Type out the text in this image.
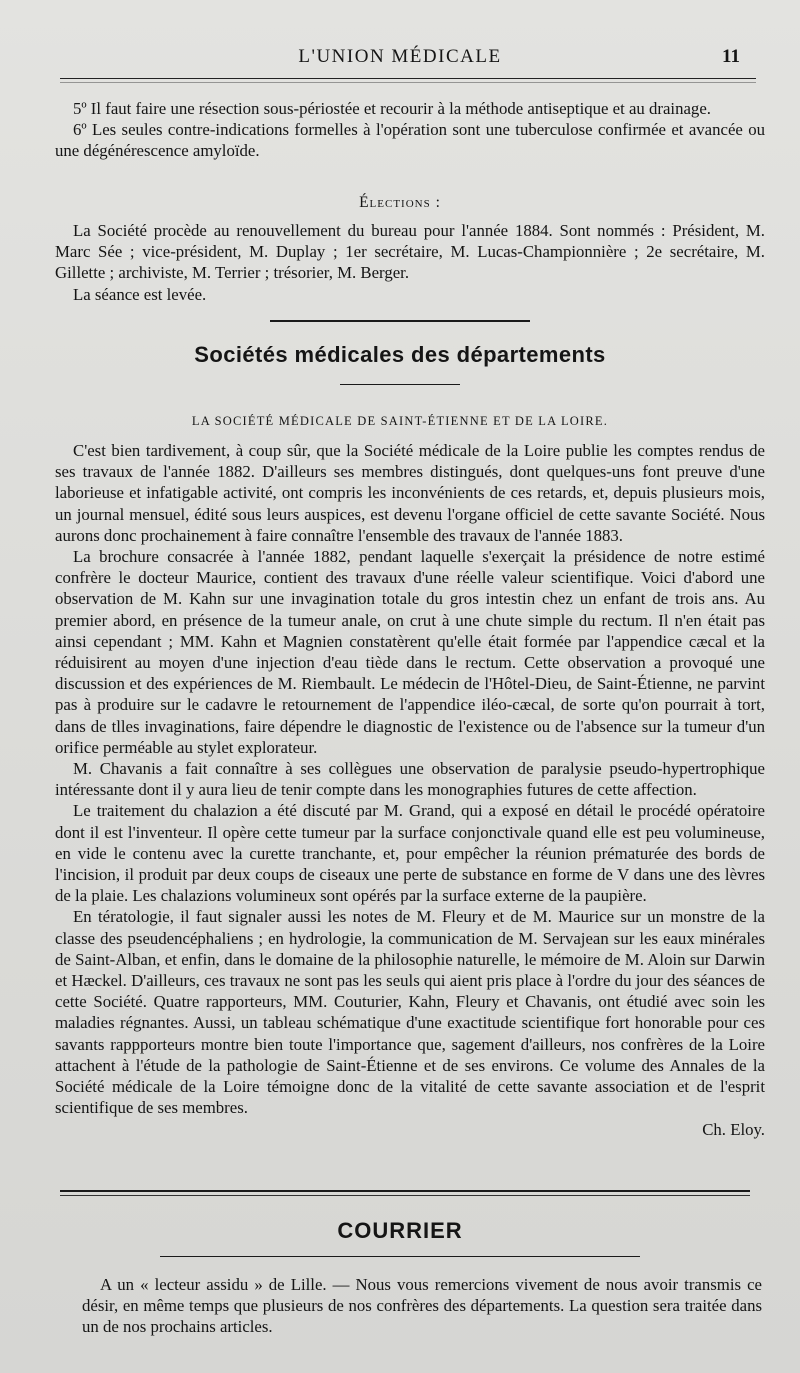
L'UNION MÉDICALE	11

5º Il faut faire une résection sous-périostée et recourir à la méthode antiseptique et au drainage.

6º Les seules contre-indications formelles à l'opération sont une tuberculose confirmée et avancée ou une dégénérescence amyloïde.

Élections :

La Société procède au renouvellement du bureau pour l'année 1884. Sont nommés : Président, M. Marc Sée ; vice-président, M. Duplay ; 1er secrétaire, M. Lucas-Championnière ; 2e secrétaire, M. Gillette ; archiviste, M. Terrier ; trésorier, M. Berger.

La séance est levée.

Sociétés médicales des départements
LA SOCIÉTÉ MÉDICALE DE SAINT-ÉTIENNE ET DE LA LOIRE.

C'est bien tardivement, à coup sûr, que la Société médicale de la Loire publie les comptes rendus de ses travaux de l'année 1882. D'ailleurs ses membres distingués, dont quelques-uns font preuve d'une laborieuse et infatigable activité, ont compris les inconvénients de ces retards, et, depuis plusieurs mois, un journal mensuel, édité sous leurs auspices, est devenu l'organe officiel de cette savante Société. Nous aurons donc prochainement à faire connaître l'ensemble des travaux de l'année 1883.

La brochure consacrée à l'année 1882, pendant laquelle s'exerçait la présidence de notre estimé confrère le docteur Maurice, contient des travaux d'une réelle valeur scientifique. Voici d'abord une observation de M. Kahn sur une invagination totale du gros intestin chez un enfant de trois ans. Au premier abord, en présence de la tumeur anale, on crut à une chute simple du rectum. Il n'en était pas ainsi cependant ; MM. Kahn et Magnien constatèrent qu'elle était formée par l'appendice cæcal et la réduisirent au moyen d'une injection d'eau tiède dans le rectum. Cette observation a provoqué une discussion et des expériences de M. Riembault. Le médecin de l'Hôtel-Dieu, de Saint-Étienne, ne parvint pas à produire sur le cadavre le retournement de l'appendice iléo-cæcal, de sorte qu'on pourrait à tort, dans de tlles invaginations, faire dépendre le diagnostic de l'existence ou de l'absence sur la tumeur d'un orifice perméable au stylet explorateur.

M. Chavanis a fait connaître à ses collègues une observation de paralysie pseudo-hypertrophique intéressante dont il y aura lieu de tenir compte dans les monographies futures de cette affection.

Le traitement du chalazion a été discuté par M. Grand, qui a exposé en détail le procédé opératoire dont il est l'inventeur. Il opère cette tumeur par la surface conjonctivale quand elle est peu volumineuse, en vide le contenu avec la curette tranchante, et, pour empêcher la réunion prématurée des bords de l'incision, il produit par deux coups de ciseaux une perte de substance en forme de V dans une des lèvres de la plaie. Les chalazions volumineux sont opérés par la surface externe de la paupière.

En tératologie, il faut signaler aussi les notes de M. Fleury et de M. Maurice sur un monstre de la classe des pseudencéphaliens ; en hydrologie, la communication de M. Servajean sur les eaux minérales de Saint-Alban, et enfin, dans le domaine de la philosophie naturelle, le mémoire de M. Aloin sur Darwin et Hæckel. D'ailleurs, ces travaux ne sont pas les seuls qui aient pris place à l'ordre du jour des séances de cette Société. Quatre rapporteurs, MM. Couturier, Kahn, Fleury et Chavanis, ont étudié avec soin les maladies régnantes. Aussi, un tableau schématique d'une exactitude scientifique fort honorable pour ces savants rappporteurs montre bien toute l'importance que, sagement d'ailleurs, nos confrères de la Loire attachent à l'étude de la pathologie de Saint-Étienne et de ses environs. Ce volume des Annales de la Société médicale de la Loire témoigne donc de la vitalité de cette savante association et de l'esprit scientifique de ses membres.

Ch. Eloy.
COURRIER

A un « lecteur assidu » de Lille. — Nous vous remercions vivement de nous avoir transmis ce désir, en même temps que plusieurs de nos confrères des départements. La question sera traitée dans un de nos prochains articles.
